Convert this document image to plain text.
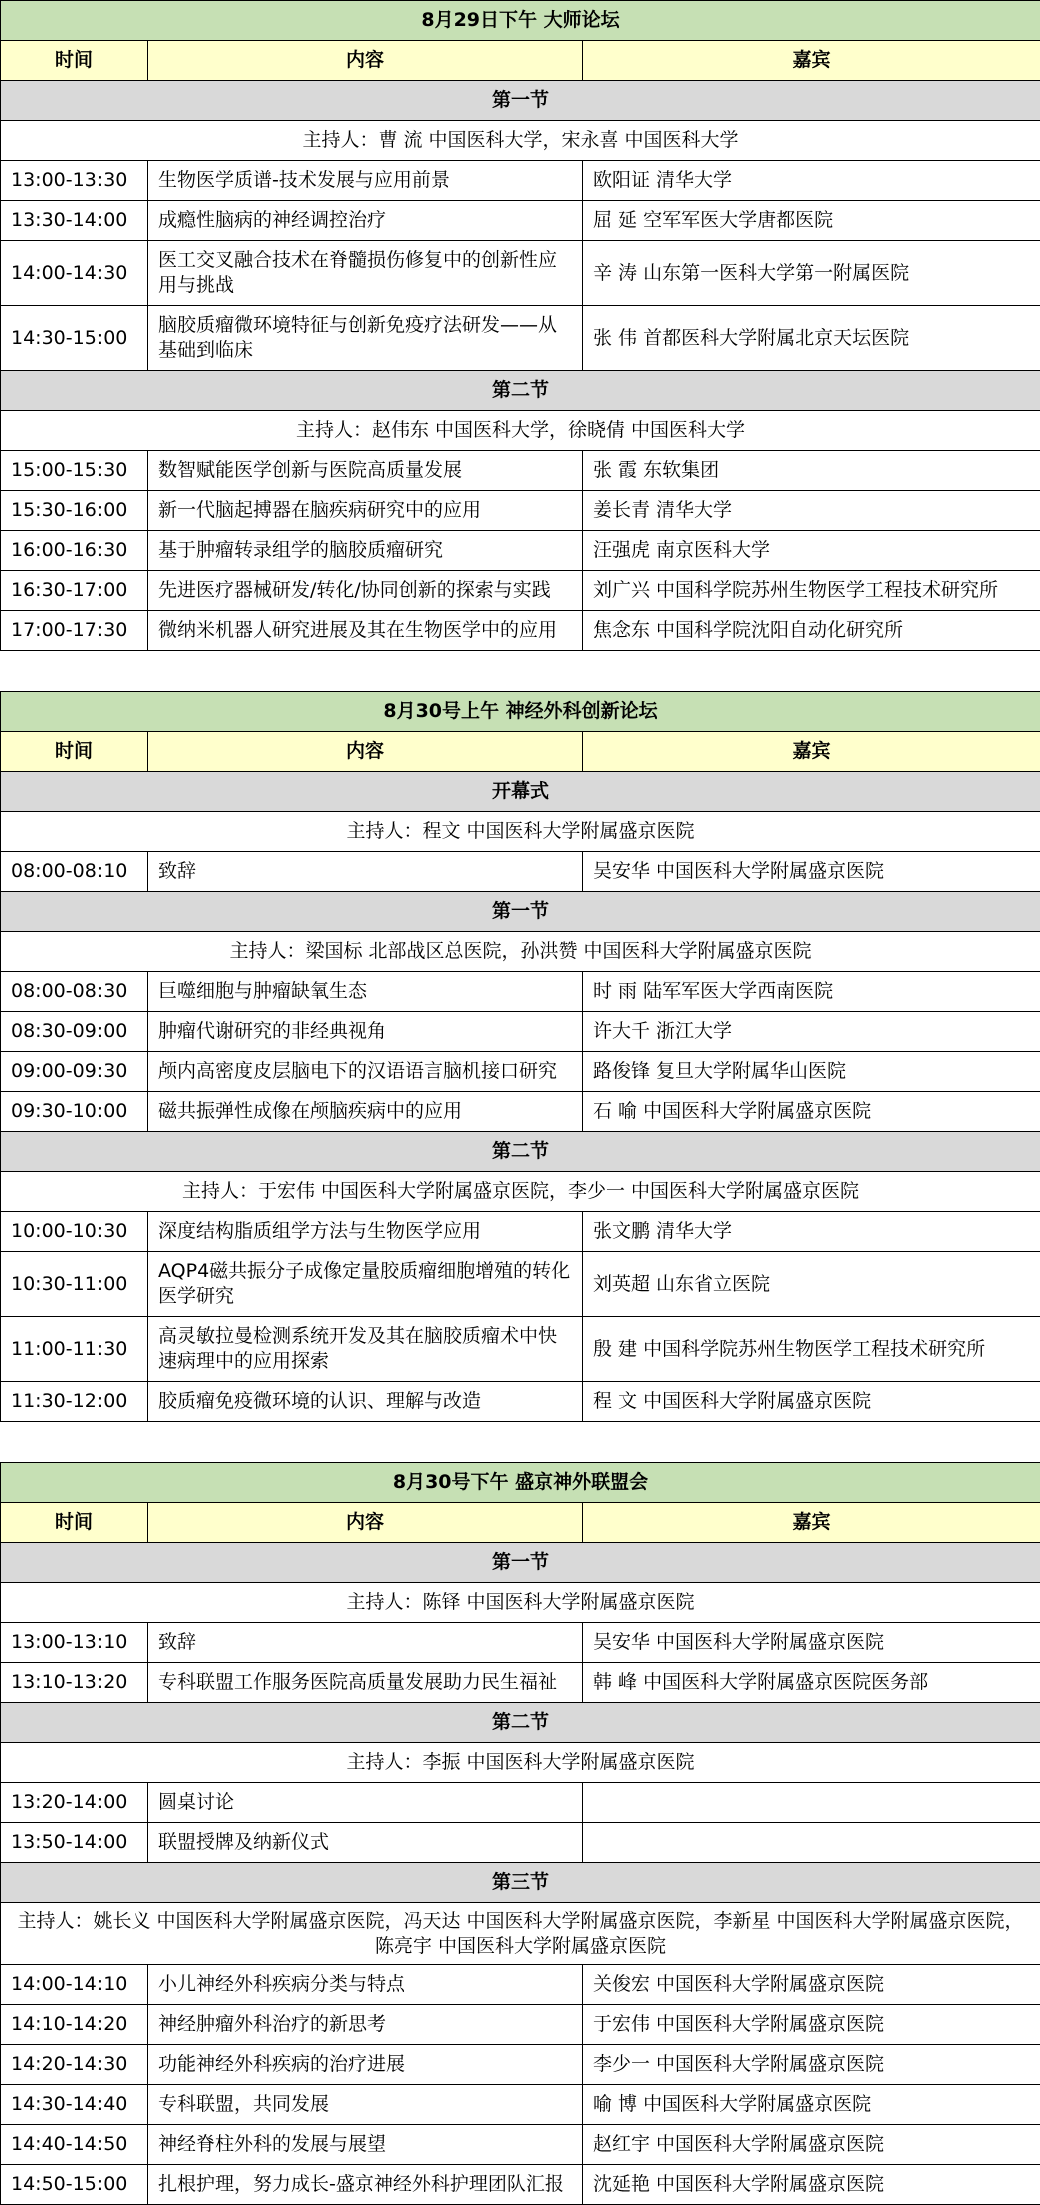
8月29日下午 大师论坛		
时间	内容	嘉宾
第一节		
主持人：曹 流 中国医科大学，宋永喜 中国医科大学		
13:00-13:30	生物医学质谱-技术发展与应用前景	欧阳证 清华大学
13:30-14:00	成瘾性脑病的神经调控治疗	屈 延 空军军医大学唐都医院
14:00-14:30	医工交叉融合技术在脊髓损伤修复中的创新性应用与挑战	辛 涛 山东第一医科大学第一附属医院
14:30-15:00	脑胶质瘤微环境特征与创新免疫疗法研发——从基础到临床	张 伟 首都医科大学附属北京天坛医院
第二节		
主持人：赵伟东 中国医科大学，徐晓倩 中国医科大学		
15:00-15:30	数智赋能医学创新与医院高质量发展	张 霞 东软集团
15:30-16:00	新一代脑起搏器在脑疾病研究中的应用	姜长青 清华大学
16:00-16:30	基于肿瘤转录组学的脑胶质瘤研究	汪强虎 南京医科大学
16:30-17:00	先进医疗器械研发/转化/协同创新的探索与实践	刘广兴 中国科学院苏州生物医学工程技术研究所
17:00-17:30	微纳米机器人研究进展及其在生物医学中的应用	焦念东 中国科学院沈阳自动化研究所
8月30号上午 神经外科创新论坛		
时间	内容	嘉宾
开幕式		
主持人：程文 中国医科大学附属盛京医院		
08:00-08:10	致辞	吴安华 中国医科大学附属盛京医院
第一节		
主持人：梁国标 北部战区总医院，孙洪赞 中国医科大学附属盛京医院		
08:00-08:30	巨噬细胞与肿瘤缺氧生态	时 雨 陆军军医大学西南医院
08:30-09:00	肿瘤代谢研究的非经典视角	许大千 浙江大学
09:00-09:30	颅内高密度皮层脑电下的汉语语言脑机接口研究	路俊锋 复旦大学附属华山医院
09:30-10:00	磁共振弹性成像在颅脑疾病中的应用	石 喻 中国医科大学附属盛京医院
第二节		
主持人：于宏伟 中国医科大学附属盛京医院，李少一 中国医科大学附属盛京医院		
10:00-10:30	深度结构脂质组学方法与生物医学应用	张文鹏 清华大学
10:30-11:00	AQP4磁共振分子成像定量胶质瘤细胞增殖的转化医学研究	刘英超 山东省立医院
11:00-11:30	高灵敏拉曼检测系统开发及其在脑胶质瘤术中快速病理中的应用探索	殷 建 中国科学院苏州生物医学工程技术研究所
11:30-12:00	胶质瘤免疫微环境的认识、理解与改造	程 文 中国医科大学附属盛京医院
8月30号下午 盛京神外联盟会		
时间	内容	嘉宾
第一节		
主持人：陈铎 中国医科大学附属盛京医院		
13:00-13:10	致辞	吴安华 中国医科大学附属盛京医院
13:10-13:20	专科联盟工作服务医院高质量发展助力民生福祉	韩 峰 中国医科大学附属盛京医院医务部
第二节		
主持人：李振 中国医科大学附属盛京医院		
13:20-14:00	圆桌讨论	
13:50-14:00	联盟授牌及纳新仪式	
第三节		
主持人：姚长义 中国医科大学附属盛京医院，冯天达 中国医科大学附属盛京医院，李新星 中国医科大学附属盛京医院，陈亮宇 中国医科大学附属盛京医院		
14:00-14:10	小儿神经外科疾病分类与特点	关俊宏 中国医科大学附属盛京医院
14:10-14:20	神经肿瘤外科治疗的新思考	于宏伟 中国医科大学附属盛京医院
14:20-14:30	功能神经外科疾病的治疗进展	李少一 中国医科大学附属盛京医院
14:30-14:40	专科联盟，共同发展	喻 博 中国医科大学附属盛京医院
14:40-14:50	神经脊柱外科的发展与展望	赵红宇 中国医科大学附属盛京医院
14:50-15:00	扎根护理，努力成长-盛京神经外科护理团队汇报	沈延艳 中国医科大学附属盛京医院
